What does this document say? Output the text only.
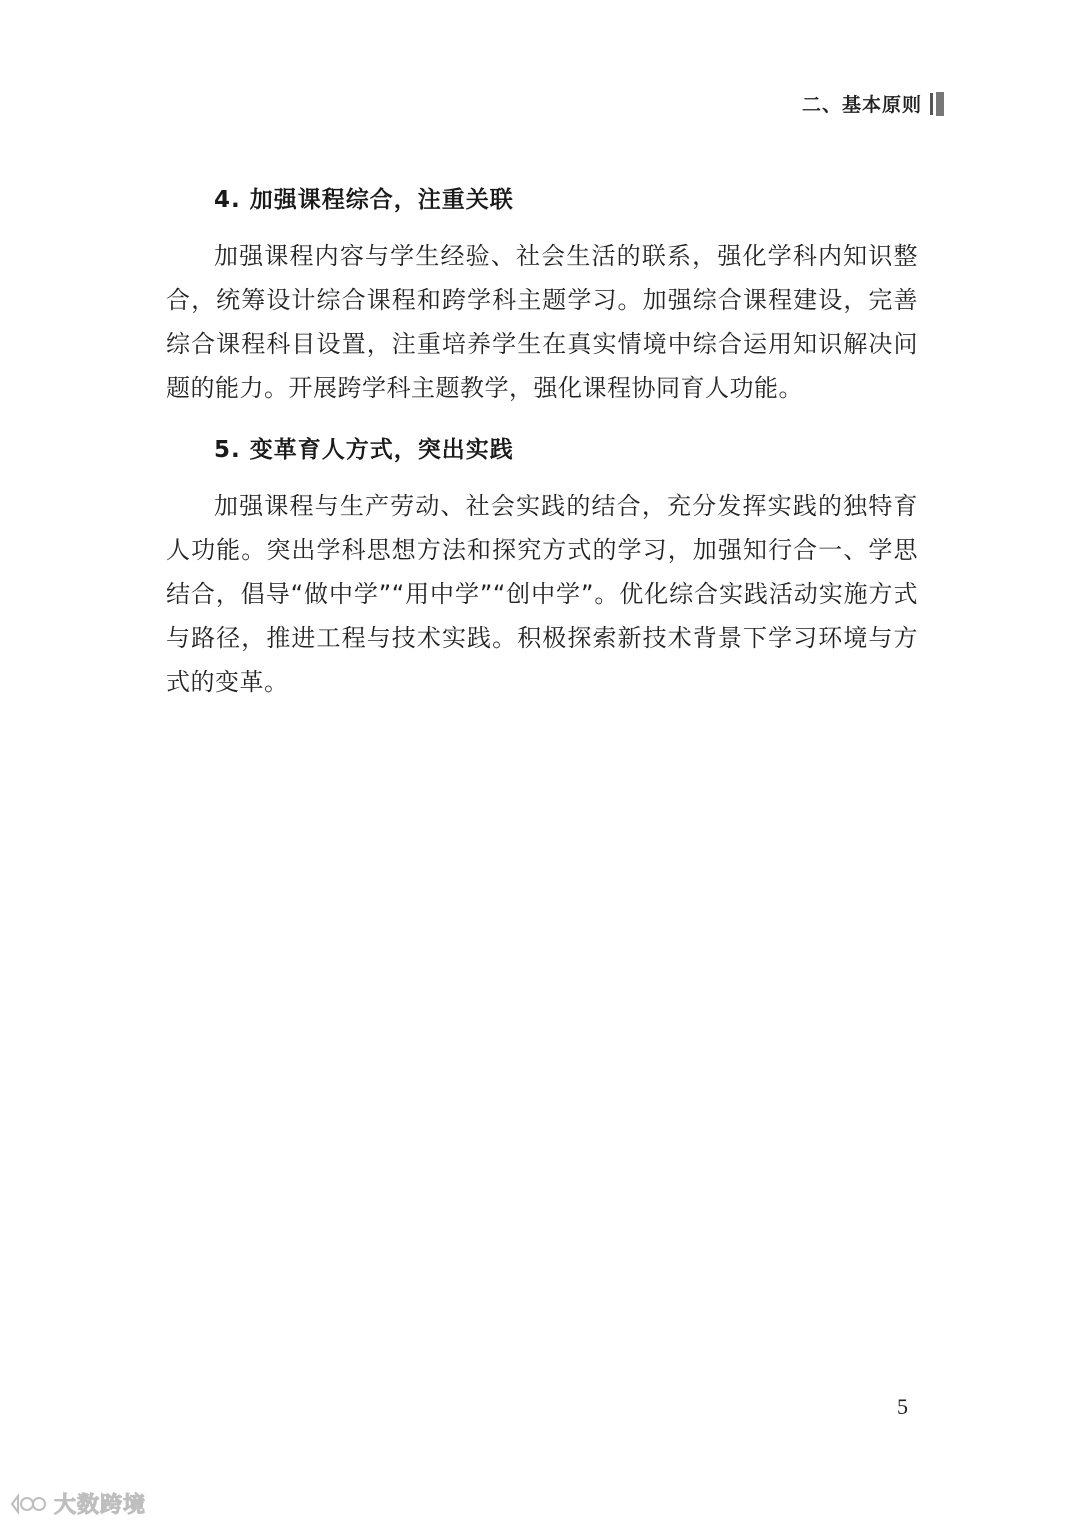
二、基本原则
4. 加强课程综合，注重关联

加强课程内容与学生经验、社会生活的联系，强化学科内知识整合，统筹设计综合课程和跨学科主题学习。加强综合课程建设，完善综合课程科目设置，注重培养学生在真实情境中综合运用知识解决问题的能力。开展跨学科主题教学，强化课程协同育人功能。

5. 变革育人方式，突出实践

加强课程与生产劳动、社会实践的结合，充分发挥实践的独特育人功能。突出学科思想方法和探究方式的学习，加强知行合一、学思结合，倡导“做中学”“用中学”“创中学”。优化综合实践活动实施方式与路径，推进工程与技术实践。积极探索新技术背景下学习环境与方式的变革。

5
大数跨境
